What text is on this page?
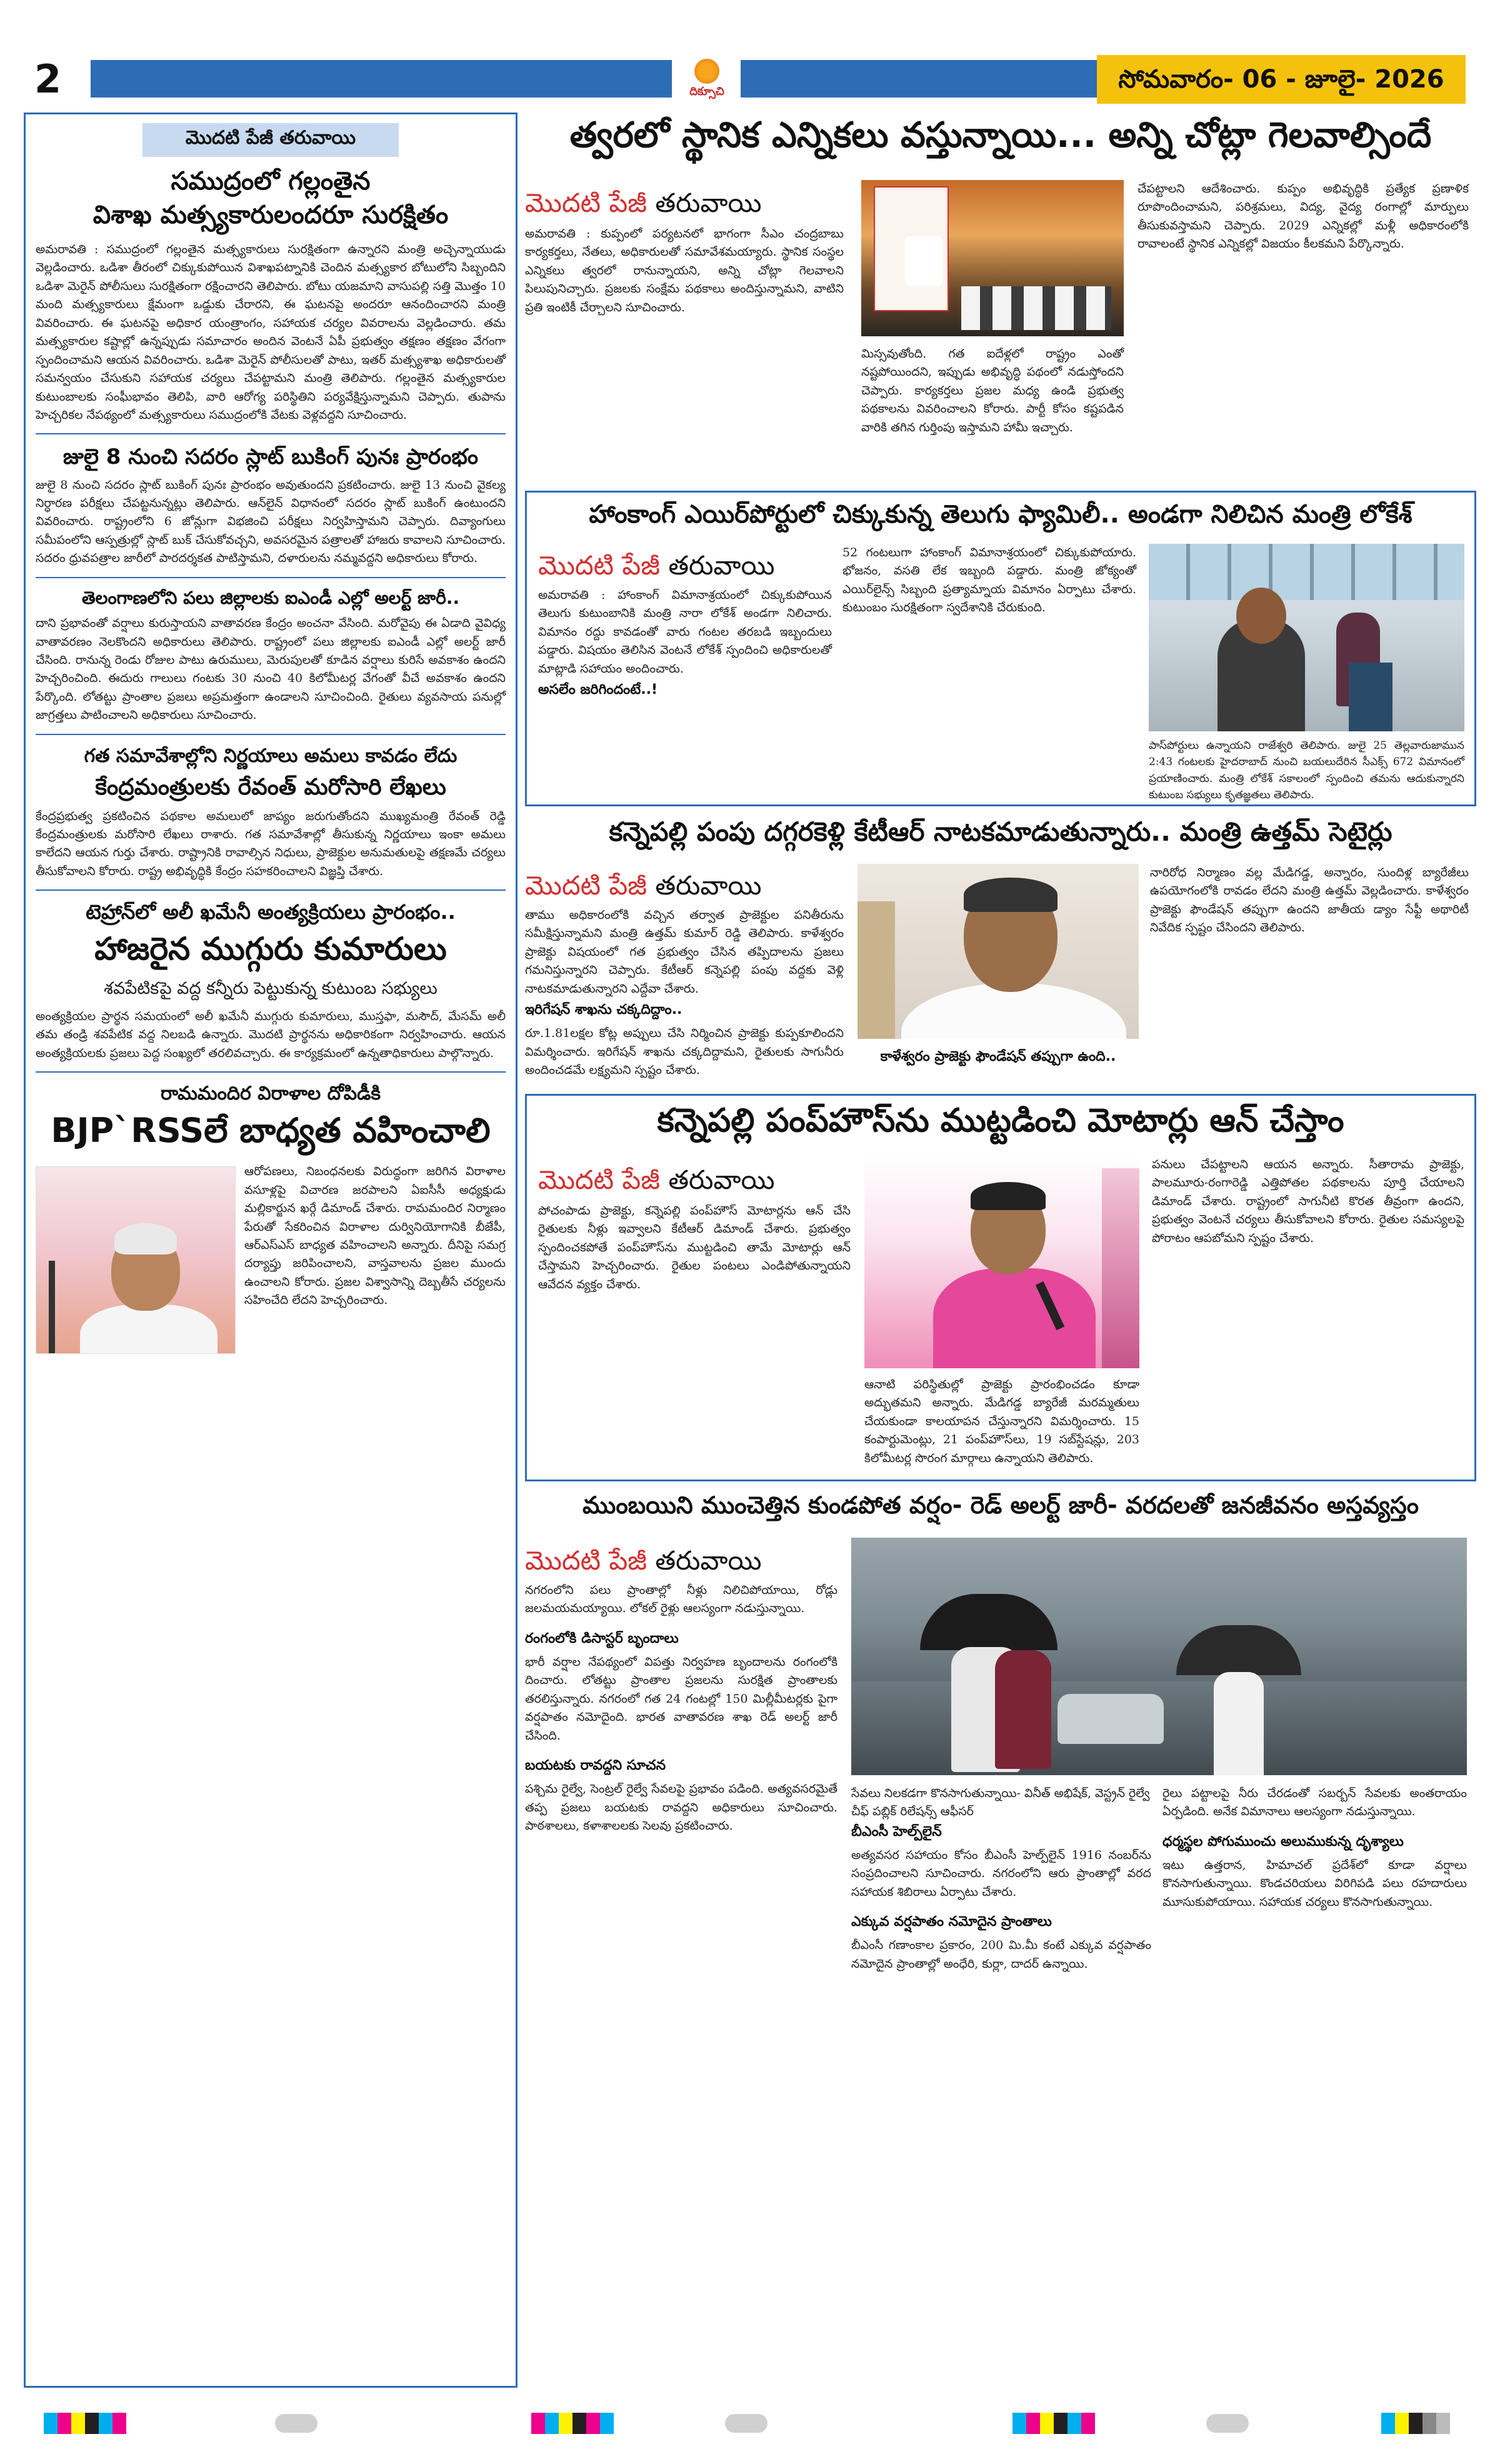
2	దిక్సూచి	సోమవారం- 06 - జూలై- 2026
మొదటి పేజీ తరువాయి
సముద్రంలో గల్లంతైన
విశాఖ మత్స్యకారులందరూ సురక్షితం

అమరావతి : సముద్రంలో గల్లంతైన మత్స్యకారులు సురక్షితంగా ఉన్నారని మంత్రి అచ్చెన్నాయుడు వెల్లడించారు. ఒడిశా తీరంలో చిక్కుకుపోయిన విశాఖపట్నానికి చెందిన మత్స్యకార బోటులోని సిబ్బందిని ఒడిశా మెరైన్ పోలీసులు సురక్షితంగా రక్షించారని తెలిపారు. బోటు యజమాని వాసుపల్లి సత్తి మొత్తం 10 మంది మత్స్యకారులు క్షేమంగా ఒడ్డుకు చేరారని, ఈ ఘటనపై అందరూ ఆనందించారని మంత్రి వివరించారు. ఈ ఘటనపై అధికార యంత్రాంగం, సహాయక చర్యల వివరాలను వెల్లడించారు. తమ మత్స్యకారుల కష్టాల్లో ఉన్నప్పుడు సమాచారం అందిన వెంటనే ఏపీ ప్రభుత్వం తక్షణం తక్షణం వేగంగా స్పందించామని ఆయన వివరించారు. ఒడిశా మెరైన్ పోలీసులతో పాటు, ఇతర్ మత్స్యశాఖ అధికారులతో సమన్వయం చేసుకుని సహాయక చర్యలు చేపట్టామని మంత్రి తెలిపారు. గల్లంతైన మత్స్యకారుల కుటుంబాలకు సంఘీభావం తెలిపి, వారి ఆరోగ్య పరిస్థితిని పర్యవేక్షిస్తున్నామని చెప్పారు. తుపాను హెచ్చరికల నేపథ్యంలో మత్స్యకారులు సముద్రంలోకి వేటకు వెళ్లవద్దని సూచించారు.

జులై 8 నుంచి సదరం స్లాట్ బుకింగ్ పునః ప్రారంభం

జులై 8 నుంచి సదరం స్లాట్ బుకింగ్ పునః ప్రారంభం అవుతుందని ప్రకటించారు. జులై 13 నుంచి వైకల్య నిర్ధారణ పరీక్షలు చేపట్టనున్నట్లు తెలిపారు. ఆన్‌లైన్ విధానంలో సదరం స్లాట్ బుకింగ్ ఉంటుందని వివరించారు. రాష్ట్రంలోని 6 జోన్లుగా విభజించి పరీక్షలు నిర్వహిస్తామని చెప్పారు. దివ్యాంగులు సమీపంలోని ఆస్పత్రుల్లో స్లాట్ బుక్ చేసుకోవచ్చని, అవసరమైన పత్రాలతో హాజరు కావాలని సూచించారు. సదరం ధ్రువపత్రాల జారీలో పారదర్శకత పాటిస్తామని, దళారులను నమ్మవద్దని అధికారులు కోరారు.

తెలంగాణలోని పలు జిల్లాలకు ఐఎండీ ఎల్లో అలర్ట్ జారీ..

దాని ప్రభావంతో వర్షాలు కురుస్తాయని వాతావరణ కేంద్రం అంచనా వేసింది. మరోవైపు ఈ ఏడాది వైవిధ్య వాతావరణం నెలకొందని అధికారులు తెలిపారు. రాష్ట్రంలో పలు జిల్లాలకు ఐఎండీ ఎల్లో అలర్ట్ జారీ చేసింది. రానున్న రెండు రోజుల పాటు ఉరుములు, మెరుపులతో కూడిన వర్షాలు కురిసే అవకాశం ఉందని హెచ్చరించింది. ఈదురు గాలులు గంటకు 30 నుంచి 40 కిలోమీటర్ల వేగంతో వీచే అవకాశం ఉందని పేర్కొంది. లోతట్టు ప్రాంతాల ప్రజలు అప్రమత్తంగా ఉండాలని సూచించింది. రైతులు వ్యవసాయ పనుల్లో జాగ్రత్తలు పాటించాలని అధికారులు సూచించారు.

గత సమావేశాల్లోని నిర్ణయాలు అమలు కావడం లేదు
కేంద్రమంత్రులకు రేవంత్ మరోసారి లేఖలు

కేంద్రప్రభుత్వ ప్రకటించిన పథకాల అమలులో జాప్యం జరుగుతోందని ముఖ్యమంత్రి రేవంత్ రెడ్డి కేంద్రమంత్రులకు మరోసారి లేఖలు రాశారు. గత సమావేశాల్లో తీసుకున్న నిర్ణయాలు ఇంకా అమలు కాలేదని ఆయన గుర్తు చేశారు. రాష్ట్రానికి రావాల్సిన నిధులు, ప్రాజెక్టుల అనుమతులపై తక్షణమే చర్యలు తీసుకోవాలని కోరారు. రాష్ట్ర అభివృద్ధికి కేంద్రం సహకరించాలని విజ్ఞప్తి చేశారు.

టెహ్రాన్‌లో అలీ ఖమేనీ అంత్యక్రియలు ప్రారంభం..
హాజరైన ముగ్గురు కుమారులు
శవపేటికపై వద్ద కన్నీరు పెట్టుకున్న కుటుంబ సభ్యులు

అంత్యక్రియల ప్రార్థన సమయంలో అలీ ఖమేనీ ముగ్గురు కుమారులు, ముస్తఫా, మసౌద్, మేసమ్ అలీ తమ తండ్రి శవపేటిక వద్ద నిలబడి ఉన్నారు. మొదటి ప్రార్థనను అధికారికంగా నిర్వహించారు. ఆయన అంత్యక్రియలకు ప్రజలు పెద్ద సంఖ్యలో తరలివచ్చారు. ఈ కార్యక్రమంలో ఉన్నతాధికారులు పాల్గొన్నారు.

రామమందిర విరాళాల దోపిడీకి
BJP`RSSలే బాధ్యత వహించాలి

ఆరోపణలు, నిబంధనలకు విరుద్ధంగా జరిగిన విరాళాల వసూళ్లపై విచారణ జరపాలని ఏఐసీసీ అధ్యక్షుడు మల్లికార్జున ఖర్గే డిమాండ్ చేశారు. రామమందిర నిర్మాణం పేరుతో సేకరించిన విరాళాల దుర్వినియోగానికి బీజేపీ, ఆర్ఎస్ఎస్ బాధ్యత వహించాలని అన్నారు. దీనిపై సమగ్ర దర్యాప్తు జరిపించాలని, వాస్తవాలను ప్రజల ముందు ఉంచాలని కోరారు. ప్రజల విశ్వాసాన్ని దెబ్బతీసే చర్యలను సహించేది లేదని హెచ్చరించారు.

త్వరలో స్థానిక ఎన్నికలు వస్తున్నాయి... అన్ని చోట్లా గెలవాల్సిందే
మొదటి పేజీ తరువాయి

అమరావతి : కుప్పంలో పర్యటనలో భాగంగా సీఎం చంద్రబాబు కార్యకర్తలు, నేతలు, అధికారులతో సమావేశమయ్యారు. స్థానిక సంస్థల ఎన్నికలు త్వరలో రానున్నాయని, అన్ని చోట్లా గెలవాలని పిలుపునిచ్చారు. ప్రజలకు సంక్షేమ పథకాలు అందిస్తున్నామని, వాటిని ప్రతి ఇంటికీ చేర్చాలని సూచించారు.

మిస్సవుతోంది. గత ఐదేళ్లలో రాష్ట్రం ఎంతో నష్టపోయిందని, ఇప్పుడు అభివృద్ధి పథంలో నడుస్తోందని చెప్పారు. కార్యకర్తలు ప్రజల మధ్య ఉండి ప్రభుత్వ పథకాలను వివరించాలని కోరారు. పార్టీ కోసం కష్టపడిన వారికి తగిన గుర్తింపు ఇస్తామని హామీ ఇచ్చారు.

చేపట్టాలని ఆదేశించారు. కుప్పం అభివృద్ధికి ప్రత్యేక ప్రణాళిక రూపొందించామని, పరిశ్రమలు, విద్య, వైద్య రంగాల్లో మార్పులు తీసుకువస్తామని చెప్పారు. 2029 ఎన్నికల్లో మళ్లీ అధికారంలోకి రావాలంటే స్థానిక ఎన్నికల్లో విజయం కీలకమని పేర్కొన్నారు.

హాంకాంగ్ ఎయిర్‌పోర్టులో చిక్కుకున్న తెలుగు ఫ్యామిలీ.. అండగా నిలిచిన మంత్రి లోకేశ్
మొదటి పేజీ తరువాయి

అమరావతి : హాంకాంగ్ విమానాశ్రయంలో చిక్కుకుపోయిన తెలుగు కుటుంబానికి మంత్రి నారా లోకేశ్ అండగా నిలిచారు. విమానం రద్దు కావడంతో వారు గంటల తరబడి ఇబ్బందులు పడ్డారు. విషయం తెలిసిన వెంటనే లోకేశ్ స్పందించి అధికారులతో మాట్లాడి సహాయం అందించారు.

అసలేం జరిగిందంటే..!

52 గంటలుగా హాంకాంగ్ విమానాశ్రయంలో చిక్కుకుపోయారు. భోజనం, వసతి లేక ఇబ్బంది పడ్డారు. మంత్రి జోక్యంతో ఎయిర్‌లైన్స్ సిబ్బంది ప్రత్యామ్నాయ విమానం ఏర్పాటు చేశారు. కుటుంబం సురక్షితంగా స్వదేశానికి చేరుకుంది.

పాస్‌పోర్టులు ఉన్నాయని రాజేశ్వరి తెలిపారు. జులై 25 తెల్లవారుజామున 2:43 గంటలకు హైదరాబాద్ నుంచి బయలుదేరిన సీఎక్స్ 672 విమానంలో ప్రయాణించారు. మంత్రి లోకేశ్ సకాలంలో స్పందించి తమను ఆదుకున్నారని కుటుంబ సభ్యులు కృతజ్ఞతలు తెలిపారు.

కన్నెపల్లి పంపు దగ్గరకెళ్లి కేటీఆర్ నాటకమాడుతున్నారు.. మంత్రి ఉత్తమ్ సెటైర్లు
మొదటి పేజీ తరువాయి

తాము అధికారంలోకి వచ్చిన తర్వాత ప్రాజెక్టుల పనితీరును సమీక్షిస్తున్నామని మంత్రి ఉత్తమ్ కుమార్ రెడ్డి తెలిపారు. కాళేశ్వరం ప్రాజెక్టు విషయంలో గత ప్రభుత్వం చేసిన తప్పిదాలను ప్రజలు గమనిస్తున్నారని చెప్పారు. కేటీఆర్ కన్నెపల్లి పంపు వద్దకు వెళ్లి నాటకమాడుతున్నారని ఎద్దేవా చేశారు.

ఇరిగేషన్ శాఖను చక్కదిద్దాం..

రూ.1.81లక్షల కోట్ల అప్పులు చేసి నిర్మించిన ప్రాజెక్టు కుప్పకూలిందని విమర్శించారు. ఇరిగేషన్ శాఖను చక్కదిద్దామని, రైతులకు సాగునీరు అందించడమే లక్ష్యమని స్పష్టం చేశారు.

కాళేశ్వరం ప్రాజెక్టు ఫౌండేషన్ తప్పుగా ఉంది..

నారిరోధ నిర్మాణం వల్ల మేడిగడ్డ, అన్నారం, సుందిళ్ల బ్యారేజీలు ఉపయోగంలోకి రావడం లేదని మంత్రి ఉత్తమ్ వెల్లడించారు. కాళేశ్వరం ప్రాజెక్టు ఫౌండేషన్ తప్పుగా ఉందని జాతీయ డ్యాం సేఫ్టీ అథారిటీ నివేదిక స్పష్టం చేసిందని తెలిపారు.

కన్నెపల్లి పంప్‌హౌస్‌ను ముట్టడించి మోటార్లు ఆన్ చేస్తాం
మొదటి పేజీ తరువాయి

పోచంపాడు ప్రాజెక్టు, కన్నెపల్లి పంప్‌హౌస్ మోటార్లను ఆన్ చేసి రైతులకు నీళ్లు ఇవ్వాలని కేటీఆర్ డిమాండ్ చేశారు. ప్రభుత్వం స్పందించకపోతే పంప్‌హౌస్‌ను ముట్టడించి తామే మోటార్లు ఆన్ చేస్తామని హెచ్చరించారు. రైతుల పంటలు ఎండిపోతున్నాయని ఆవేదన వ్యక్తం చేశారు.

ఆనాటి పరిస్థితుల్లో ప్రాజెక్టు ప్రారంభించడం కూడా అద్భుతమని అన్నారు. మేడిగడ్డ బ్యారేజీ మరమ్మతులు చేయకుండా కాలయాపన చేస్తున్నారని విమర్శించారు. 15 కంపార్టుమెంట్లు, 21 పంప్‌హౌస్‌లు, 19 సబ్‌స్టేషన్లు, 203 కిలోమీటర్ల సొరంగ మార్గాలు ఉన్నాయని తెలిపారు.

పనులు చేపట్టాలని ఆయన అన్నారు. సీతారామ ప్రాజెక్టు, పాలమూరు-రంగారెడ్డి ఎత్తిపోతల పథకాలను పూర్తి చేయాలని డిమాండ్ చేశారు. రాష్ట్రంలో సాగునీటి కొరత తీవ్రంగా ఉందని, ప్రభుత్వం వెంటనే చర్యలు తీసుకోవాలని కోరారు. రైతుల సమస్యలపై పోరాటం ఆపబోమని స్పష్టం చేశారు.

ముంబయిని ముంచెత్తిన కుండపోత వర్షం- రెడ్ అలర్ట్ జారీ- వరదలతో జనజీవనం అస్తవ్యస్తం
మొదటి పేజీ తరువాయి

నగరంలోని పలు ప్రాంతాల్లో నీళ్లు నిలిచిపోయాయి, రోడ్లు జలమయమయ్యాయి. లోకల్ రైళ్లు ఆలస్యంగా నడుస్తున్నాయి.

రంగంలోకి డిసాస్టర్ బృందాలు

భారీ వర్షాల నేపథ్యంలో విపత్తు నిర్వహణ బృందాలను రంగంలోకి దించారు. లోతట్టు ప్రాంతాల ప్రజలను సురక్షిత ప్రాంతాలకు తరలిస్తున్నారు. నగరంలో గత 24 గంటల్లో 150 మిల్లీమీటర్లకు పైగా వర్షపాతం నమోదైంది. భారత వాతావరణ శాఖ రెడ్ అలర్ట్ జారీ చేసింది.

బయటకు రావద్దని సూచన

పశ్చిమ రైల్వే, సెంట్రల్ రైల్వే సేవలపై ప్రభావం పడింది. అత్యవసరమైతే తప్ప ప్రజలు బయటకు రావద్దని అధికారులు సూచించారు. పాఠశాలలు, కళాశాలలకు సెలవు ప్రకటించారు.

సేవలు నిలకడగా కొనసాగుతున్నాయి- వినీత్ అభిషేక్, వెస్ట్రన్ రైల్వే చీఫ్ పబ్లిక్ రిలేషన్స్ ఆఫీసర్

బీఎంసీ హెల్ప్‌లైన్

అత్యవసర సహాయం కోసం బీఎంసీ హెల్ప్‌లైన్ 1916 నంబర్‌ను సంప్రదించాలని సూచించారు. నగరంలోని ఆరు ప్రాంతాల్లో వరద సహాయక శిబిరాలు ఏర్పాటు చేశారు.

ఎక్కువ వర్షపాతం నమోదైన ప్రాంతాలు

బీఎంసీ గణాంకాల ప్రకారం, 200 మి.మీ కంటే ఎక్కువ వర్షపాతం నమోదైన ప్రాంతాల్లో అంధేరి, కుర్లా, దాదర్ ఉన్నాయి.

రైలు పట్టాలపై నీరు చేరడంతో సబర్బన్ సేవలకు అంతరాయం ఏర్పడింది. అనేక విమానాలు ఆలస్యంగా నడుస్తున్నాయి.

ధర్మస్థల పోగుముంచు అలుముకున్న దృశ్యాలు

ఇటు ఉత్తరాన, హిమాచల్ ప్రదేశ్‌లో కూడా వర్షాలు కొనసాగుతున్నాయి. కొండచరియలు విరిగిపడి పలు రహదారులు మూసుకుపోయాయి. సహాయక చర్యలు కొనసాగుతున్నాయి.
